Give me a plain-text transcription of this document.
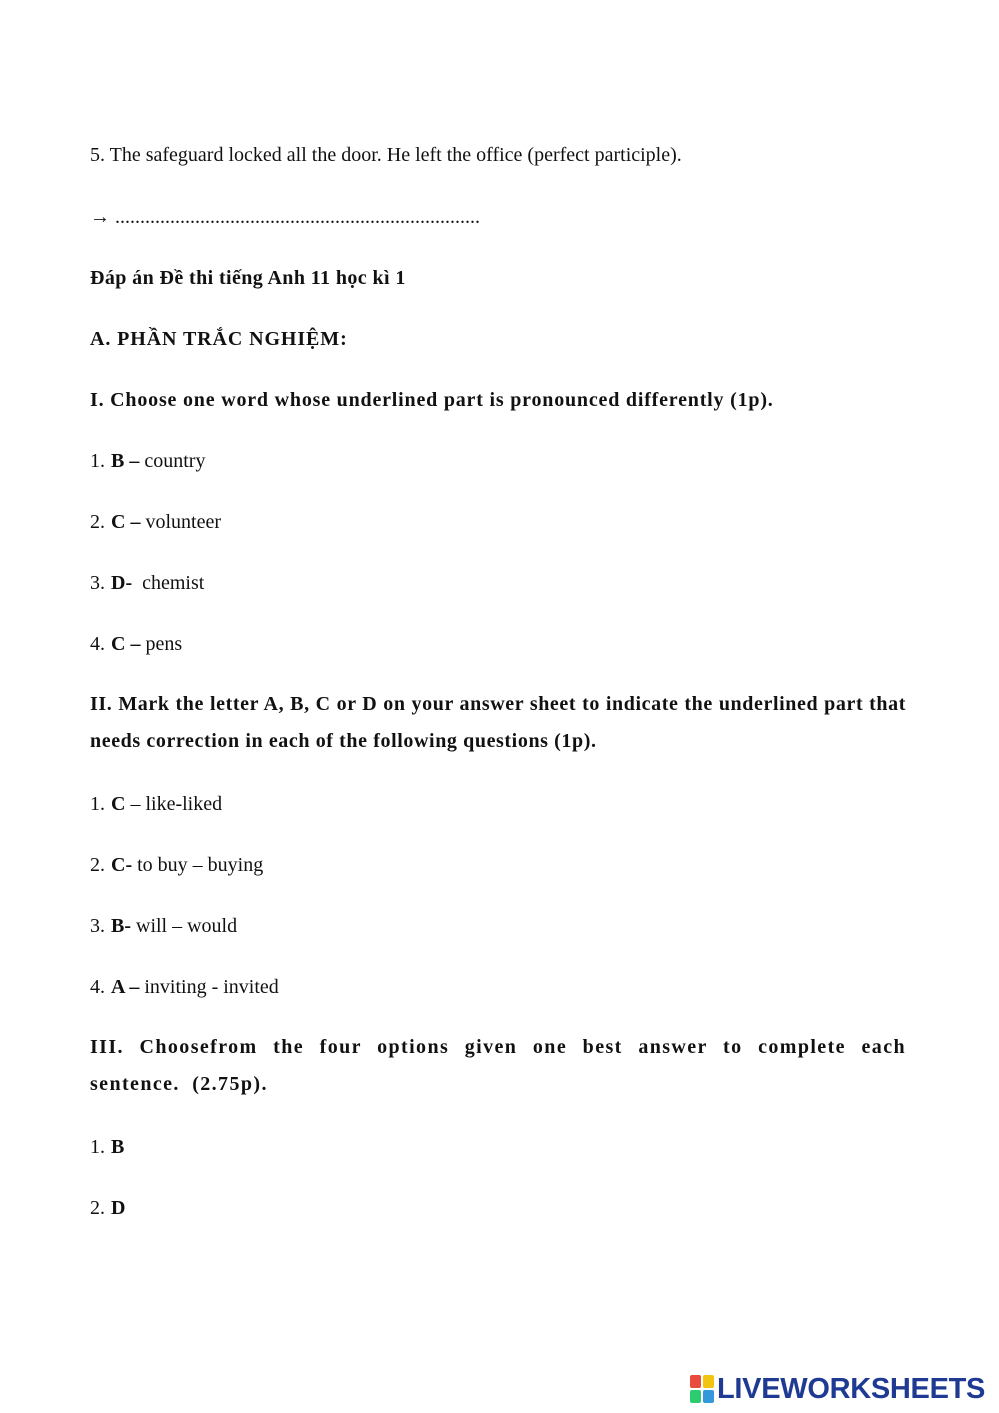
5. The safeguard locked all the door. He left the office (perfect participle).
→ .........................................................................
Đáp án Đề thi tiếng Anh 11 học kì 1
A. PHẦN TRẮC NGHIỆM:
I. Choose one word whose underlined part is pronounced differently (1p).
1. B – country
2. C – volunteer
3. D- chemist
4. C – pens
II. Mark the letter A, B, C or D on your answer sheet to indicate the underlined part that needs correction in each of the following questions (1p).
1. C – like-liked
2. C- to buy – buying
3. B- will – would
4. A – inviting - invited
III. Choosefrom the four options given one best answer to complete each sentence. (2.75p).
1. B
2. D
LIVEWORKSHEETS
